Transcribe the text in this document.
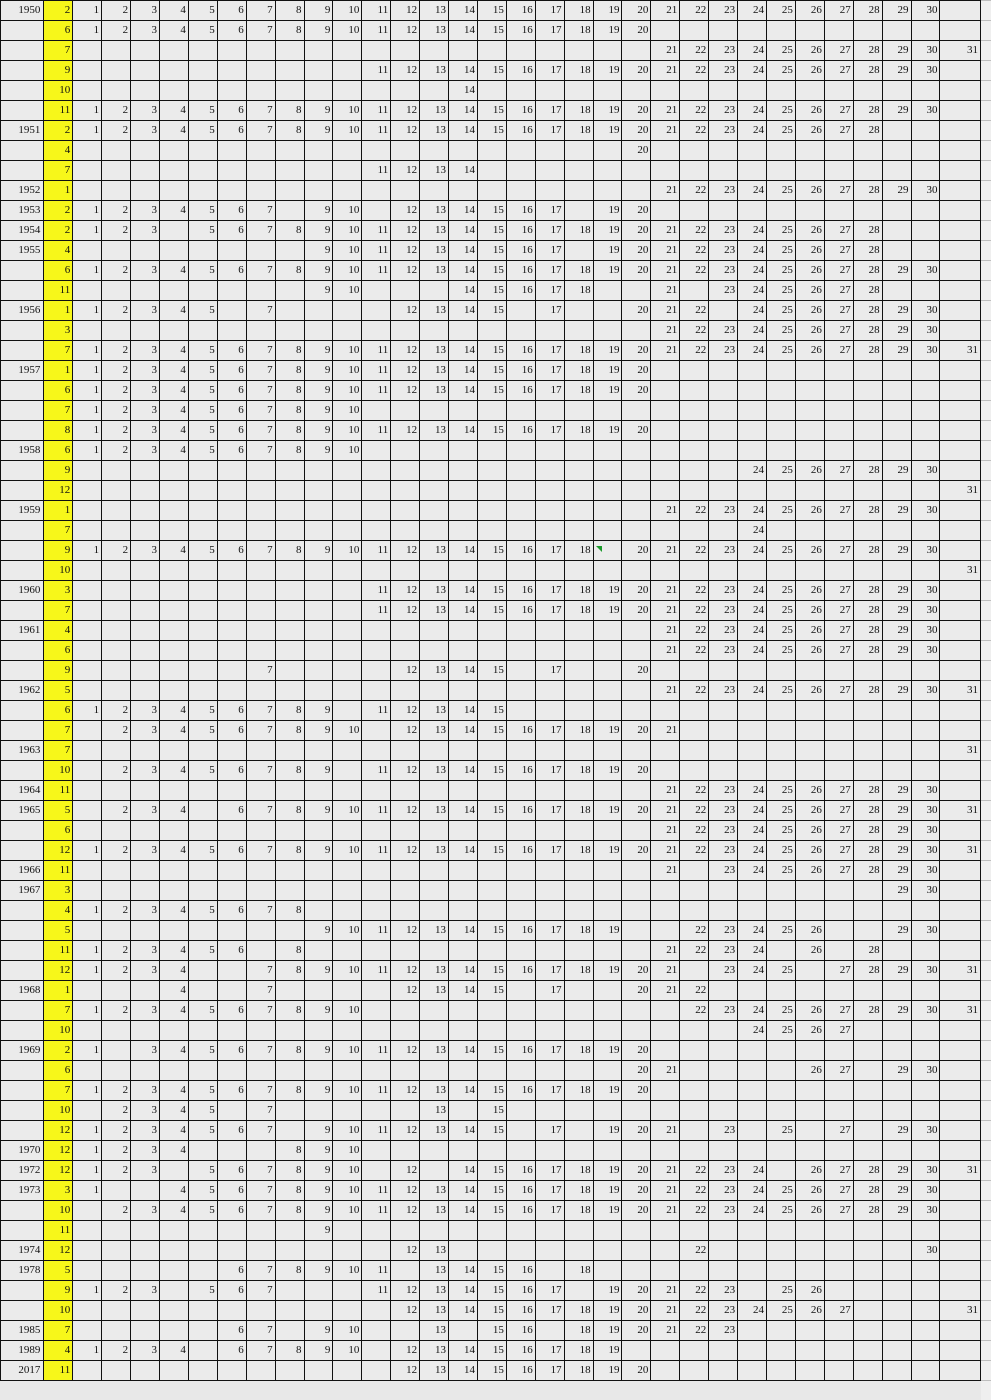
1950	2	1	2	3	4	5	6	7	8	9	10	11	12	13	14	15	16	17	18	19	20	21	22	23	24	25	26	27	28	29	30	
	6	1	2	3	4	5	6	7	8	9	10	11	12	13	14	15	16	17	18	19	20											
	7																					21	22	23	24	25	26	27	28	29	30	31
	9											11	12	13	14	15	16	17	18	19	20	21	22	23	24	25	26	27	28	29	30	
	10														14																	
	11	1	2	3	4	5	6	7	8	9	10	11	12	13	14	15	16	17	18	19	20	21	22	23	24	25	26	27	28	29	30	
1951	2	1	2	3	4	5	6	7	8	9	10	11	12	13	14	15	16	17	18	19	20	21	22	23	24	25	26	27	28			
	4																				20											
	7											11	12	13	14																	
1952	1																					21	22	23	24	25	26	27	28	29	30	
1953	2	1	2	3	4	5	6	7		9	10		12	13	14	15	16	17		19	20											
1954	2	1	2	3		5	6	7	8	9	10	11	12	13	14	15	16	17	18	19	20	21	22	23	24	25	26	27	28			
1955	4									9	10	11	12	13	14	15	16	17		19	20	21	22	23	24	25	26	27	28			
	6	1	2	3	4	5	6	7	8	9	10	11	12	13	14	15	16	17	18	19	20	21	22	23	24	25	26	27	28	29	30	
	11									9	10				14	15	16	17	18			21		23	24	25	26	27	28			
1956	1	1	2	3	4	5		7					12	13	14	15		17			20	21	22		24	25	26	27	28	29	30	
	3																					21	22	23	24	25	26	27	28	29	30	
	7	1	2	3	4	5	6	7	8	9	10	11	12	13	14	15	16	17	18	19	20	21	22	23	24	25	26	27	28	29	30	31
1957	1	1	2	3	4	5	6	7	8	9	10	11	12	13	14	15	16	17	18	19	20											
	6	1	2	3	4	5	6	7	8	9	10	11	12	13	14	15	16	17	18	19	20											
	7	1	2	3	4	5	6	7	8	9	10																					
	8	1	2	3	4	5	6	7	8	9	10	11	12	13	14	15	16	17	18	19	20											
1958	6	1	2	3	4	5	6	7	8	9	10																					
	9																								24	25	26	27	28	29	30	
	12																															31
1959	1																					21	22	23	24	25	26	27	28	29	30	
	7																								24							
	9	1	2	3	4	5	6	7	8	9	10	11	12	13	14	15	16	17	18		20	21	22	23	24	25	26	27	28	29	30	
	10																															31
1960	3											11	12	13	14	15	16	17	18	19	20	21	22	23	24	25	26	27	28	29	30	
	7											11	12	13	14	15	16	17	18	19	20	21	22	23	24	25	26	27	28	29	30	
1961	4																					21	22	23	24	25	26	27	28	29	30	
	6																					21	22	23	24	25	26	27	28	29	30	
	9							7					12	13	14	15		17			20											
1962	5																					21	22	23	24	25	26	27	28	29	30	31
	6	1	2	3	4	5	6	7	8	9		11	12	13	14	15																
	7		2	3	4	5	6	7	8	9	10		12	13	14	15	16	17	18	19	20	21										
1963	7																															31
	10		2	3	4	5	6	7	8	9		11	12	13	14	15	16	17	18	19	20											
1964	11																					21	22	23	24	25	26	27	28	29	30	
1965	5		2	3	4		6	7	8	9	10	11	12	13	14	15	16	17	18	19	20	21	22	23	24	25	26	27	28	29	30	31
	6																					21	22	23	24	25	26	27	28	29	30	
	12	1	2	3	4	5	6	7	8	9	10	11	12	13	14	15	16	17	18	19	20	21	22	23	24	25	26	27	28	29	30	31
1966	11																					21		23	24	25	26	27	28	29	30	
1967	3																													29	30	
	4	1	2	3	4	5	6	7	8																							
	5									9	10	11	12	13	14	15	16	17	18	19			22	23	24	25	26			29	30	
	11	1	2	3	4	5	6		8													21	22	23	24		26		28			
	12	1	2	3	4			7	8	9	10	11	12	13	14	15	16	17	18	19	20	21		23	24	25		27	28	29	30	31
1968	1				4			7					12	13	14	15		17			20	21	22									
	7	1	2	3	4	5	6	7	8	9	10												22	23	24	25	26	27	28	29	30	31
	10																								24	25	26	27				
1969	2	1		3	4	5	6	7	8	9	10	11	12	13	14	15	16	17	18	19	20											
	6																				20	21					26	27		29	30	
	7	1	2	3	4	5	6	7	8	9	10	11	12	13	14	15	16	17	18	19	20											
	10		2	3	4	5		7						13		15																
	12	1	2	3	4	5	6	7		9	10	11	12	13	14	15		17		19	20	21		23		25		27		29	30	
1970	12	1	2	3	4				8	9	10																					
1972	12	1	2	3		5	6	7	8	9	10		12		14	15	16	17	18	19	20	21	22	23	24		26	27	28	29	30	31
1973	3	1			4	5	6	7	8	9	10	11	12	13	14	15	16	17	18	19	20	21	22	23	24	25	26	27	28	29	30	
	10		2	3	4	5	6	7	8	9	10	11	12	13	14	15	16	17	18	19	20	21	22	23	24	25	26	27	28	29	30	
	11									9																						
1974	12												12	13									22								30	
1978	5						6	7	8	9	10	11		13	14	15	16		18													
	9	1	2	3		5	6	7				11	12	13	14	15	16	17		19	20	21	22	23		25	26					
	10												12	13	14	15	16	17	18	19	20	21	22	23	24	25	26	27				31
1985	7						6	7		9	10			13		15	16		18	19	20	21	22	23								
1989	4	1	2	3	4		6	7	8	9	10		12	13	14	15	16	17	18	19												
2017	11												12	13	14	15	16	17	18	19	20											
